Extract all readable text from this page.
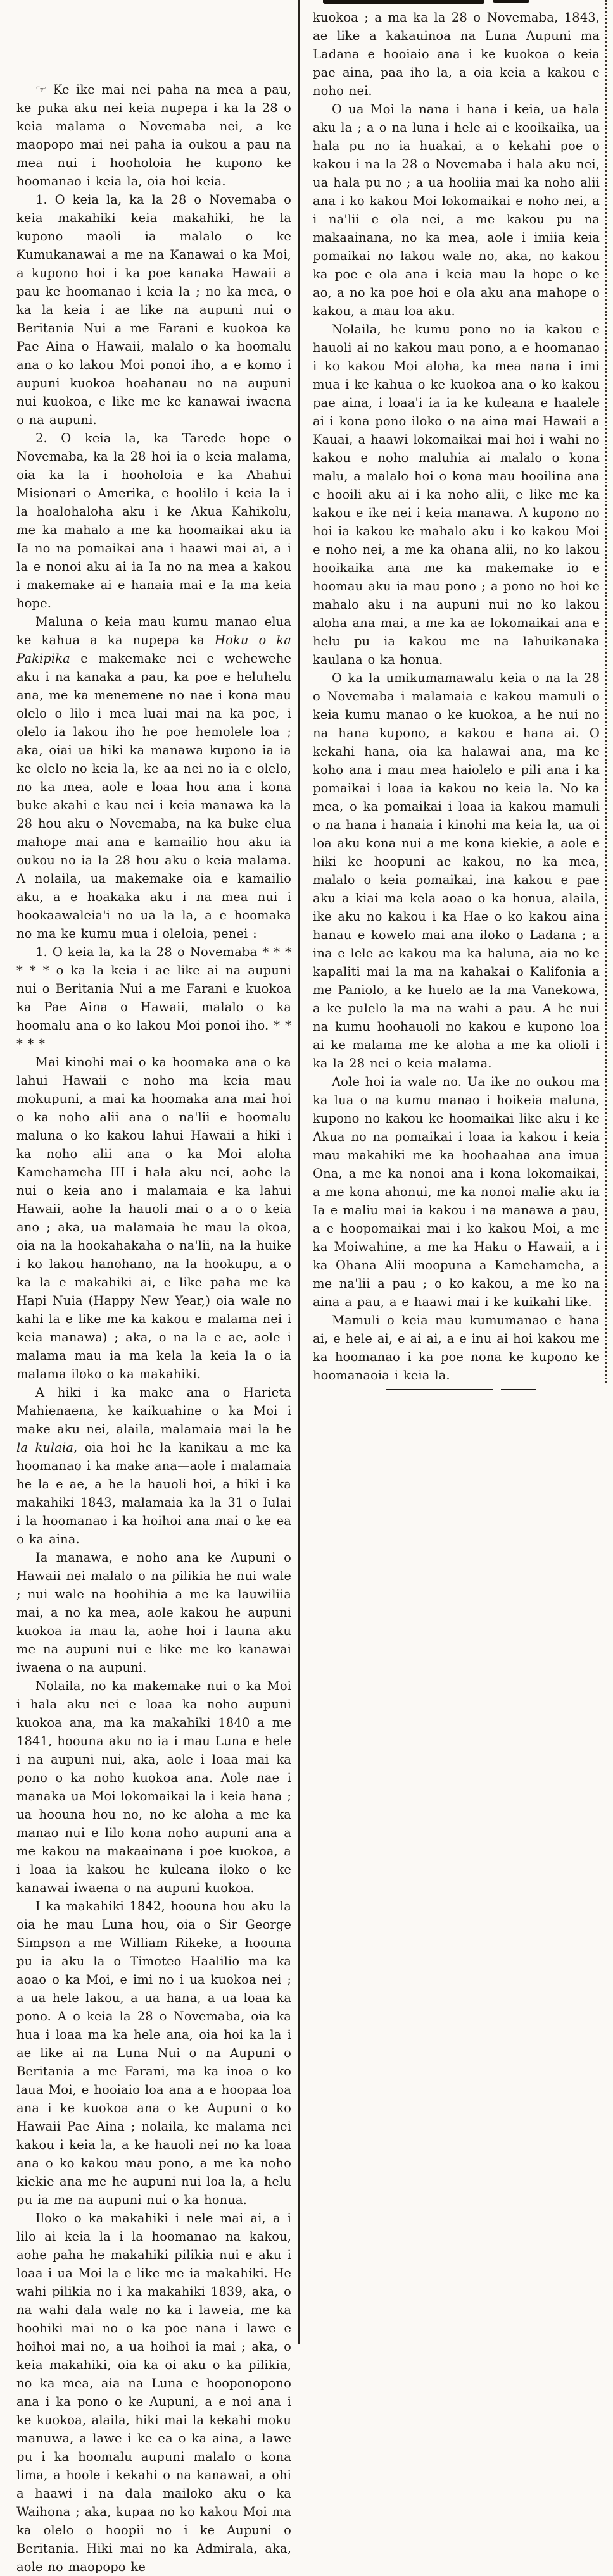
☞ Ke ike mai nei paha na mea a pau, ke puka aku nei keia nupepa i ka la 28 o keia malama o Novemaba nei, a ke maopopo mai nei paha ia oukou a pau na mea nui i hooholoia he kupono ke hoomanao i keia la, oia hoi keia.

1. O keia la, ka la 28 o Novemaba o keia makahiki keia makahiki, he la kupono maoli ia malalo o ke Kumukanawai a me na Kanawai o ka Moi, a kupono hoi i ka poe kanaka Hawaii a pau ke hoomanao i keia la ; no ka mea, o ka la keia i ae like na aupuni nui o Beritania Nui a me Farani e kuokoa ka Pae Aina o Hawaii, malalo o ka hoomalu ana o ko lakou Moi ponoi iho, a e komo i aupuni kuokoa hoahanau no na aupuni nui kuokoa, e like me ke kanawai iwaena o na aupuni.

2. O keia la, ka Tarede hope o Novemaba, ka la 28 hoi ia o keia malama, oia ka la i hooholoia e ka Ahahui Misionari o Amerika, e hoolilo i keia la i la hoalohaloha aku i ke Akua Kahikolu, me ka mahalo a me ka hoomaikai aku ia Ia no na pomaikai ana i haawi mai ai, a i la e nonoi aku ai ia Ia no na mea a kakou i makemake ai e hanaia mai e Ia ma keia hope.

Maluna o keia mau kumu manao elua ke kahua a ka nupepa ka Hoku o ka Pakipika e makemake nei e wehewehe aku i na kanaka a pau, ka poe e heluhelu ana, me ka menemene no nae i kona mau olelo o lilo i mea luai mai na ka poe, i olelo ia lakou iho he poe hemolele loa ; aka, oiai ua hiki ka manawa kupono ia ia ke olelo no keia la, ke aa nei no ia e olelo, no ka mea, aole e loaa hou ana i kona buke akahi e kau nei i keia manawa ka la 28 hou aku o Novemaba, na ka buke elua mahope mai ana e kamailio hou aku ia oukou no ia la 28 hou aku o keia malama. A nolaila, ua makemake oia e kamailio aku, a e hoakaka aku i na mea nui i hookaawaleia'i no ua la la, a e hoomaka no ma ke kumu mua i oleloia, penei :

1. O keia la, ka la 28 o Novemaba * * * * * * o ka la keia i ae like ai na aupuni nui o Beritania Nui a me Farani e kuokoa ka Pae Aina o Hawaii, malalo o ka hoomalu ana o ko lakou Moi ponoi iho. * * * * *

Mai kinohi mai o ka hoomaka ana o ka lahui Hawaii e noho ma keia mau mokupuni, a mai ka hoomaka ana mai hoi o ka noho alii ana o na'lii e hoomalu maluna o ko kakou lahui Hawaii a hiki i ka noho alii ana o ka Moi aloha Kamehameha III i hala aku nei, aohe la nui o keia ano i malamaia e ka lahui Hawaii, aohe la hauoli mai o a o o keia ano ; aka, ua malamaia he mau la okoa, oia na la hookahakaha o na'lii, na la huike i ko lakou hanohano, na la hookupu, a o ka la e makahiki ai, e like paha me ka Hapi Nuia (Happy New Year,) oia wale no kahi la e like me ka kakou e malama nei i keia manawa) ; aka, o na la e ae, aole i malama mau ia ma kela la keia la o ia malama iloko o ka makahiki.

A hiki i ka make ana o Harieta Mahienaena, ke kaikuahine o ka Moi i make aku nei, alaila, malamaia mai la he la kulaia, oia hoi he la kanikau a me ka hoomanao i ka make ana—aole i malamaia he la e ae, a he la hauoli hoi, a hiki i ka makahiki 1843, malamaia ka la 31 o Iulai i la hoomanao i ka hoihoi ana mai o ke ea o ka aina.

Ia manawa, e noho ana ke Aupuni o Hawaii nei malalo o na pilikia he nui wale ; nui wale na hoohihia a me ka lauwiliia mai, a no ka mea, aole kakou he aupuni kuokoa ia mau la, aohe hoi i launa aku me na aupuni nui e like me ko kanawai iwaena o na aupuni.

Nolaila, no ka makemake nui o ka Moi i hala aku nei e loaa ka noho aupuni kuokoa ana, ma ka makahiki 1840 a me 1841, hoouna aku no ia i mau Luna e hele i na aupuni nui, aka, aole i loaa mai ka pono o ka noho kuokoa ana. Aole nae i manaka ua Moi lokomaikai la i keia hana ; ua hoouna hou no, no ke aloha a me ka manao nui e lilo kona noho aupuni ana a me kakou na makaainana i poe kuokoa, a i loaa ia kakou he kuleana iloko o ke kanawai iwaena o na aupuni kuokoa.

I ka makahiki 1842, hoouna hou aku la oia he mau Luna hou, oia o Sir George Simpson a me William Rikeke, a hoouna pu ia aku la o Timoteo Haalilio ma ka aoao o ka Moi, e imi no i ua kuokoa nei ; a ua hele lakou, a ua hana, a ua loaa ka pono. A o keia la 28 o Novemaba, oia ka hua i loaa ma ka hele ana, oia hoi ka la i ae like ai na Luna Nui o na Aupuni o Beritania a me Farani, ma ka inoa o ko laua Moi, e hooiaio loa ana a e hoopaa loa ana i ke kuokoa ana o ke Aupuni o ko Hawaii Pae Aina ; nolaila, ke malama nei kakou i keia la, a ke hauoli nei no ka loaa ana o ko kakou mau pono, a me ka noho kiekie ana me he aupuni nui loa la, a helu pu ia me na aupuni nui o ka honua.

Iloko o ka makahiki i nele mai ai, a i lilo ai keia la i la hoomanao na kakou, aohe paha he makahiki pilikia nui e aku i loaa i ua Moi la e like me ia makahiki. He wahi pilikia no i ka makahiki 1839, aka, o na wahi dala wale no ka i laweia, me ka hoohiki mai no o ka poe nana i lawe e hoihoi mai no, a ua hoihoi ia mai ; aka, o keia makahiki, oia ka oi aku o ka pilikia, no ka mea, aia na Luna e hooponopono ana i ka pono o ke Aupuni, a e noi ana i ke kuokoa, alaila, hiki mai la kekahi moku manuwa, a lawe i ke ea o ka aina, a lawe pu i ka hoomalu aupuni malalo o kona lima, a hoole i kekahi o na kanawai, a ohi a haawi i na dala mailoko aku o ka Waihona ; aka, kupaa no ko kakou Moi ma ka olelo o hoopii no i ke Aupuni o Beritania. Hiki mai no ka Admirala, aka, aole no maopopo ke

kuokoa ; a ma ka la 28 o Novemaba, 1843, ae like a kakauinoa na Luna Aupuni ma Ladana e hooiaio ana i ke kuokoa o keia pae aina, paa iho la, a oia keia a kakou e noho nei.

O ua Moi la nana i hana i keia, ua hala aku la ; a o na luna i hele ai e kooikaika, ua hala pu no ia huakai, a o kekahi poe o kakou i na la 28 o Novemaba i hala aku nei, ua hala pu no ; a ua hooliia mai ka noho alii ana i ko kakou Moi lokomaikai e noho nei, a i na'lii e ola nei, a me kakou pu na makaainana, no ka mea, aole i imiia keia pomaikai no lakou wale no, aka, no kakou ka poe e ola ana i keia mau la hope o ke ao, a no ka poe hoi e ola aku ana mahope o kakou, a mau loa aku.

Nolaila, he kumu pono no ia kakou e hauoli ai no kakou mau pono, a e hoomanao i ko kakou Moi aloha, ka mea nana i imi mua i ke kahua o ke kuokoa ana o ko kakou pae aina, i loaa'i ia ia ke kuleana e haalele ai i kona pono iloko o na aina mai Hawaii a Kauai, a haawi lokomaikai mai hoi i wahi no kakou e noho maluhia ai malalo o kona malu, a malalo hoi o kona mau hooilina ana e hooili aku ai i ka noho alii, e like me ka kakou e ike nei i keia manawa. A kupono no hoi ia kakou ke mahalo aku i ko kakou Moi e noho nei, a me ka ohana alii, no ko lakou hooikaika ana me ka makemake io e hoomau aku ia mau pono ; a pono no hoi ke mahalo aku i na aupuni nui no ko lakou aloha ana mai, a me ka ae lokomaikai ana e helu pu ia kakou me na lahuikanaka kaulana o ka honua.

O ka la umikumamawalu keia o na la 28 o Novemaba i malamaia e kakou mamuli o keia kumu manao o ke kuokoa, a he nui no na hana kupono, a kakou e hana ai. O kekahi hana, oia ka halawai ana, ma ke koho ana i mau mea haiolelo e pili ana i ka pomaikai i loaa ia kakou no keia la. No ka mea, o ka pomaikai i loaa ia kakou mamuli o na hana i hanaia i kinohi ma keia la, ua oi loa aku kona nui a me kona kiekie, a aole e hiki ke hoopuni ae kakou, no ka mea, malalo o keia pomaikai, ina kakou e pae aku a kiai ma kela aoao o ka honua, alaila, ike aku no kakou i ka Hae o ko kakou aina hanau e kowelo mai ana iloko o Ladana ; a ina e lele ae kakou ma ka haluna, aia no ke kapaliti mai la ma na kahakai o Kalifonia a me Paniolo, a ke huelo ae la ma Vanekowa, a ke pulelo la ma na wahi a pau. A he nui na kumu hoohauoli no kakou e kupono loa ai ke malama me ke aloha a me ka olioli i ka la 28 nei o keia malama.

Aole hoi ia wale no. Ua ike no oukou ma ka lua o na kumu manao i hoikeia maluna, kupono no kakou ke hoomaikai like aku i ke Akua no na pomaikai i loaa ia kakou i keia mau makahiki me ka hoohaahaa ana imua Ona, a me ka nonoi ana i kona lokomaikai, a me kona ahonui, me ka nonoi malie aku ia Ia e maliu mai ia kakou i na manawa a pau, a e hoopomaikai mai i ko kakou Moi, a me ka Moiwahine, a me ka Haku o Hawaii, a i ka Ohana Alii moopuna a Kamehameha, a me na'lii a pau ; o ko kakou, a me ko na aina a pau, a e haawi mai i ke kuikahi like.

Mamuli o keia mau kumumanao e hana ai, e hele ai, e ai ai, a e inu ai hoi kakou me ka hoomanao i ka poe nona ke kupono ke hoomanaoia i keia la.
